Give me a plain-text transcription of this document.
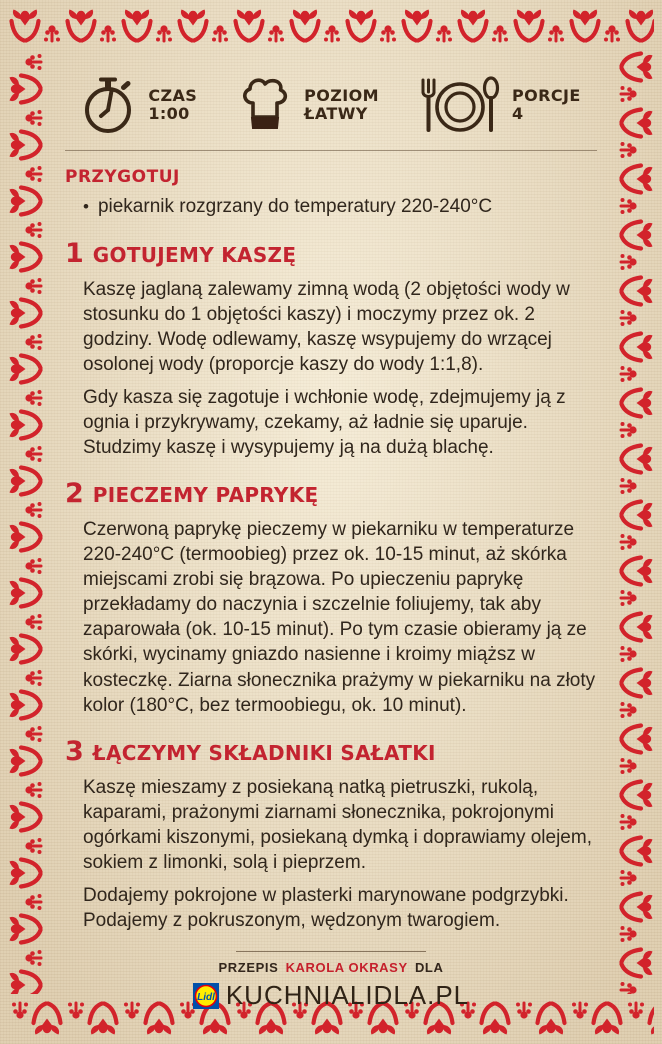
CZAS
1:00
POZIOM
ŁATWY
PORCJE
4
PRZYGOTUJ
• piekarnik rozgrzany do temperatury 220-240°C
1 GOTUJEMY KASZĘ

Kaszę jaglaną zalewamy zimną wodą (2 objętości wody w stosunku do 1 objętości kaszy) i moczymy przez ok. 2 godziny. Wodę odlewamy, kaszę wsypujemy do wrzącej osolonej wody (proporcje kaszy do wody 1:1,8).

Gdy kasza się zagotuje i wchłonie wodę, zdejmujemy ją z ognia i przykrywamy, czekamy, aż ładnie się uparuje. Studzimy kaszę i wysypujemy ją na dużą blachę.

2 PIECZEMY PAPRYKĘ

Czerwoną paprykę pieczemy w piekarniku w temperaturze 220-240°C (termoobieg) przez ok. 10-15 minut, aż skórka miejscami zrobi się brązowa. Po upieczeniu paprykę przekładamy do naczynia i szczelnie foliujemy, tak aby zaparowała (ok. 10-15 minut). Po tym czasie obieramy ją ze skórki, wycinamy gniazdo nasienne i kroimy miąższ w kosteczkę. Ziarna słonecznika prażymy w piekarniku na złoty kolor (180°C, bez termoobiegu, ok. 10 minut).

3 ŁĄCZYMY SKŁADNIKI SAŁATKI

Kaszę mieszamy z posiekaną natką pietruszki, rukolą, kaparami, prażonymi ziarnami słonecznika, pokrojonymi ogórkami kiszonymi, posiekaną dymką i doprawiamy olejem, sokiem z limonki, solą i pieprzem.

Dodajemy pokrojone w plasterki marynowane podgrzybki. Podajemy z pokruszonym, wędzonym twarogiem.

PRZEPIS KAROLA OKRASY DLA
Lidl KUCHNIALIDLA.PL
